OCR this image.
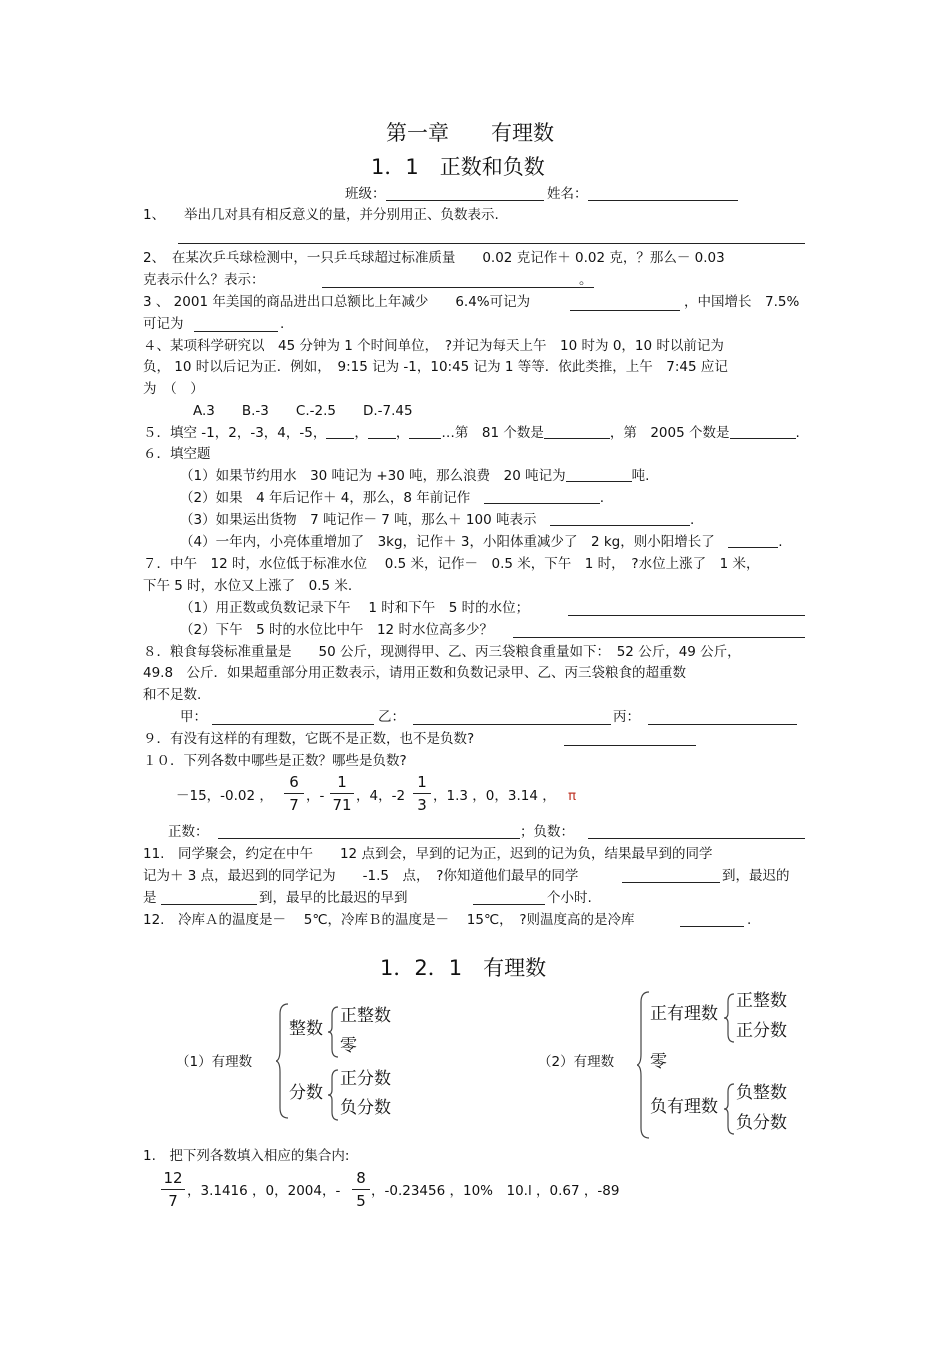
第一章　　有理数
1．1　正数和负数
班级：	姓名：
1、 举出几对具有相反意义的量，并分别用正、负数表示.
2、　在某次乒乓球检测中，一只乒乓球超过标准质量　　0.02 克记作＋ 0.02 克，？那么－ 0.03
克表示什么？表示：	。
3 、 2001 年美国的商品进出口总额比上年减少　　6.4%可记为	，中国增长　7.5%
可记为	.
４、某项科学研究以　45 分钟为 1 个时间单位，　?并记为每天上午　10 时为 0，10 时以前记为
负， 10 时以后记为正．例如，　9:15 记为 -1，10:45 记为 1 等等．依此类推，上午　7:45 应记
为　（　）
A.3　　B.-3　　C.-2.5　　D.-7.45
５．填空 -1，2，-3，4，-5， ， ， …第　81 个数是	，第　2005 个数是	.
６．填空题
（1）如果节约用水　30 吨记为 +30 吨，那么浪费　20 吨记为	吨.
（2）如果　4 年后记作＋ 4，那么，8 年前记作　	.
（3）如果运出货物　7 吨记作－ 7 吨，那么＋ 100 吨表示　	.
（4）一年内，小亮体重增加了　3kg，记作＋ 3，小阳体重减少了　2 kg，则小阳增长了　	.
７．中午　12 时，水位低于标准水位　 0.5 米，记作－　0.5 米，下午　1 时，　?水位上涨了　1 米，
下午 5 时，水位又上涨了　0.5 米.
（1）用正数或负数记录下午　 1 时和下午　5 时的水位；
（2）下午　5 时的水位比中午　12 时水位高多少？
８．粮食每袋标准重量是　　50 公斤，现测得甲、乙、丙三袋粮食重量如下：　52 公斤，49 公斤，
49.8　公斤．如果超重部分用正数表示，请用正数和负数记录甲、乙、丙三袋粮食的超重数
和不足数.
甲：	乙：	丙：
９．有没有这样的有理数，它既不是正数，也不是负数?
１０．下列各数中哪些是正数？哪些是负数?
－15，-0.02 ，
6
7 ，-
1
71 ，4，-2
1
3 ，1.3 ，0，3.14 ， π
正数：	；负数：
11.　同学聚会，约定在中午　　12 点到会，早到的记为正，迟到的记为负，结果最早到的同学
记为＋ 3 点，最迟到的同学记为　　-1.5　点，　?你知道他们最早的同学	到，最迟的
是	到，最早的比最迟的早到	个小时.
12.　冷库Ａ的温度是－　 5℃，冷库Ｂ的温度是－　 15℃，　?则温度高的是冷库	.
1．2．1　有理数
（1）有理数
整数
正整数
零
分数
正分数
负分数
（2）有理数
正有理数
正整数
正分数
零
负有理数
负整数
负分数
1.　把下列各数填入相应的集合内:
12
7
，3.1416 ，0，2004，-
8
5
，-0.23456 ，10%　10.l ，0.67 ，-89
